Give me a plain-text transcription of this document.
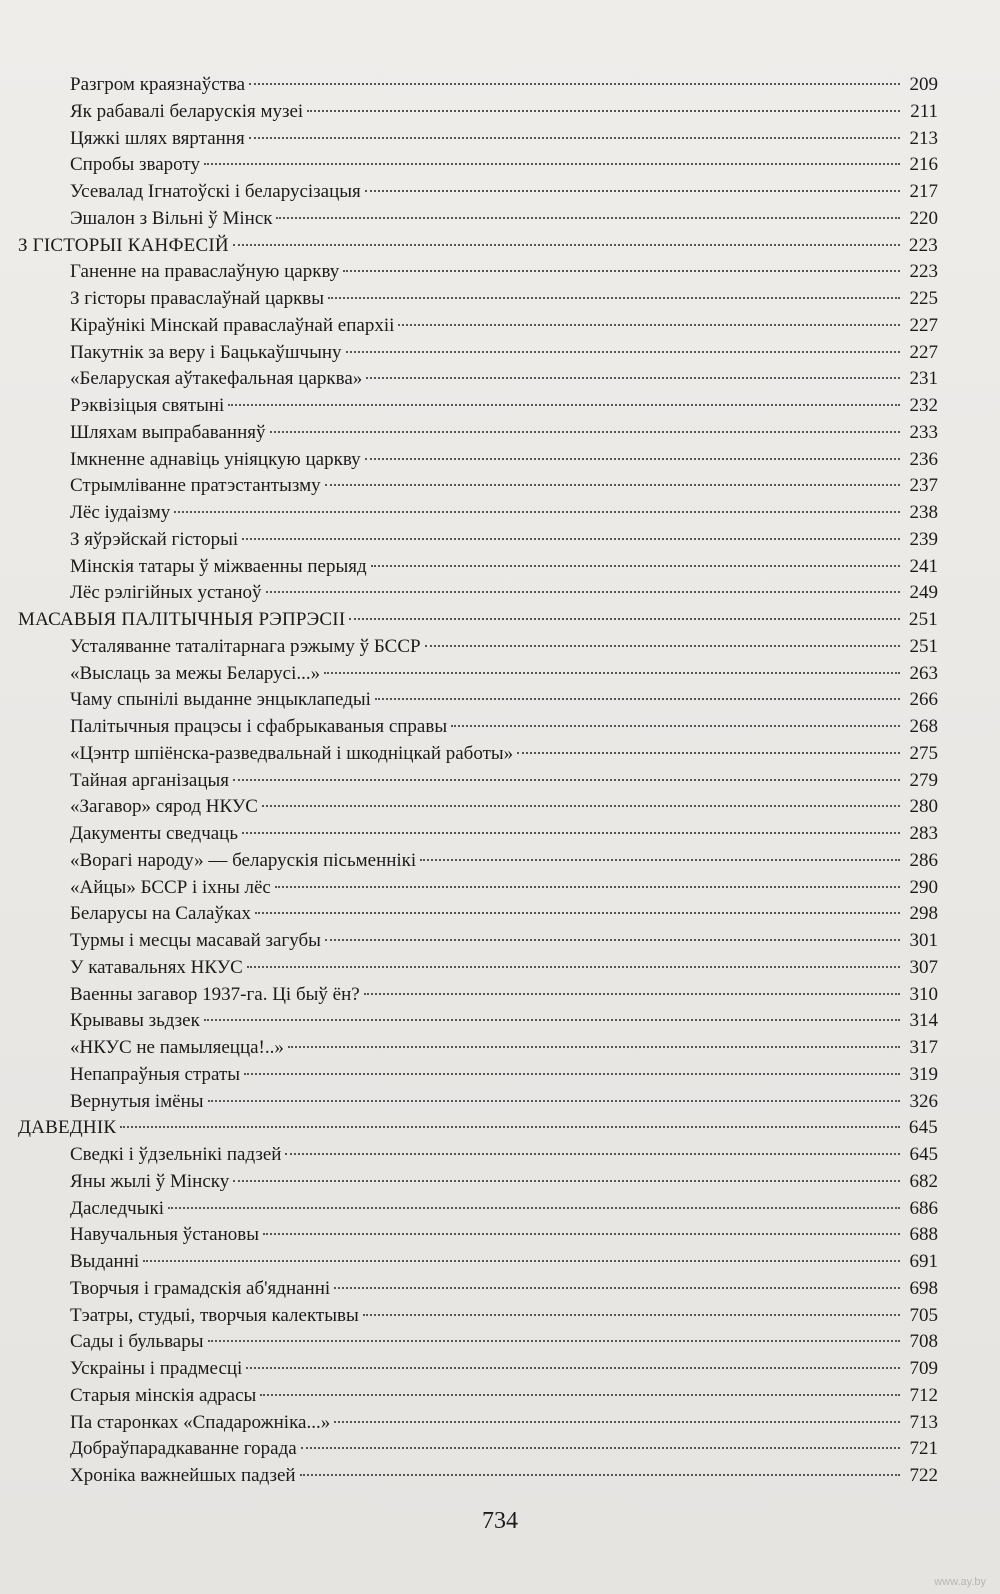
Разгром краязнаўства	209
Як рабавалі беларускія музеі	211
Цяжкі шлях вяртання	213
Спробы звароту	216
Усевалад Ігнатоўскі і беларусізацыя	217
Эшалон з Вільні ў Мінск	220
З ГІСТОРЫІ КАНФЕСІЙ	223
Ганенне на праваслаўную царкву	223
З гісторы праваслаўнай царквы	225
Кіраўнікі Мінскай праваслаўнай епархіі	227
Пакутнік за веру і Бацькаўшчыну	227
«Беларуская аўтакефальная царква»	231
Рэквізіцыя святыні	232
Шляхам выпрабаванняў	233
Імкненне аднавіць уніяцкую царкву	236
Стрымліванне пратэстантызму	237
Лёс іудаізму	238
З яўрэйскай гісторыі	239
Мінскія татары ў міжваенны перыяд	241
Лёс рэлігійных устаноў	249
МАСАВЫЯ ПАЛІТЫЧНЫЯ РЭПРЭСІІ	251
Усталяванне таталітарнага рэжыму ў БССР	251
«Выслаць за межы Беларусі...»	263
Чаму спынілі выданне энцыклапедыі	266
Палітычныя працэсы і сфабрыкаваныя справы	268
«Цэнтр шпіёнска-разведвальнай і шкодніцкай работы»	275
Тайная арганізацыя	279
«Загавор» сярод НКУС	280
Дакументы сведчаць	283
«Ворагі народу» — беларускія пісьменнікі	286
«Айцы» БССР і іхны лёс	290
Беларусы на Салаўках	298
Турмы і месцы масавай загубы	301
У катавальнях НКУС	307
Ваенны загавор 1937-га. Ці быў ён?	310
Крывавы зьдзек	314
«НКУС не памыляецца!..»	317
Непапраўныя страты	319
Вернутыя імёны	326
ДАВЕДНІК	645
Сведкі і ўдзельнікі падзей	645
Яны жылі ў Мінску	682
Даследчыкі	686
Навучальныя ўстановы	688
Выданні	691
Творчыя і грамадскія аб'яднанні	698
Тэатры, студыі, творчыя калектывы	705
Сады і бульвары	708
Ускраіны і прадмесці	709
Старыя мінскія адрасы	712
Па старонках «Спадарожніка...»	713
Добраўпарадкаванне горада	721
Хроніка важнейшых падзей	722
734
www.ay.by
